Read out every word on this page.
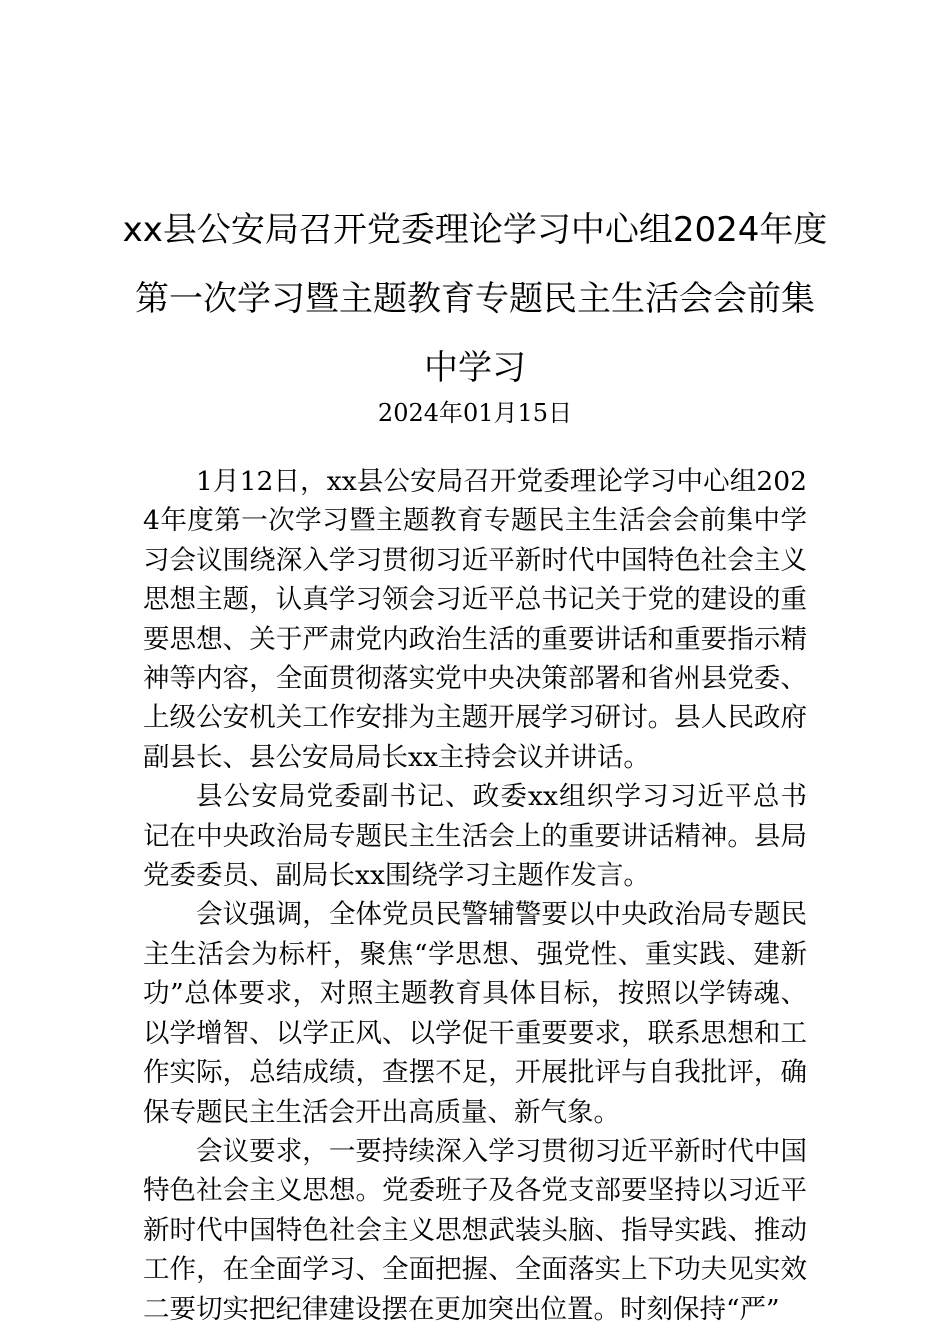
xx县公安局召开党委理论学习中心组2024年度第一次学习暨主题教育专题民主生活会会前集中学习
2024年01月15日

1月12日，xx县公安局召开党委理论学习中心组2024年度第一次学习暨主题教育专题民主生活会会前集中学习会议围绕深入学习贯彻习近平新时代中国特色社会主义思想主题，认真学习领会习近平总书记关于党的建设的重要思想、关于严肃党内政治生活的重要讲话和重要指示精神等内容，全面贯彻落实党中央决策部署和省州县党委、上级公安机关工作安排为主题开展学习研讨。县人民政府副县长、县公安局局长xx主持会议并讲话。

县公安局党委副书记、政委xx组织学习习近平总书记在中央政治局专题民主生活会上的重要讲话精神。县局党委委员、副局长xx围绕学习主题作发言。

会议强调，全体党员民警辅警要以中央政治局专题民主生活会为标杆，聚焦“学思想、强党性、重实践、建新功”总体要求，对照主题教育具体目标，按照以学铸魂、以学增智、以学正风、以学促干重要要求，联系思想和工作实际，总结成绩，查摆不足，开展批评与自我批评，确保专题民主生活会开出高质量、新气象。

会议要求，一要持续深入学习贯彻习近平新时代中国特色社会主义思想。党委班子及各党支部要坚持以习近平新时代中国特色社会主义思想武装头脑、指导实践、推动工作，在全面学习、全面把握、全面落实上下功夫见实效二要切实把纪律建设摆在更加突出位置。时刻保持“严”
